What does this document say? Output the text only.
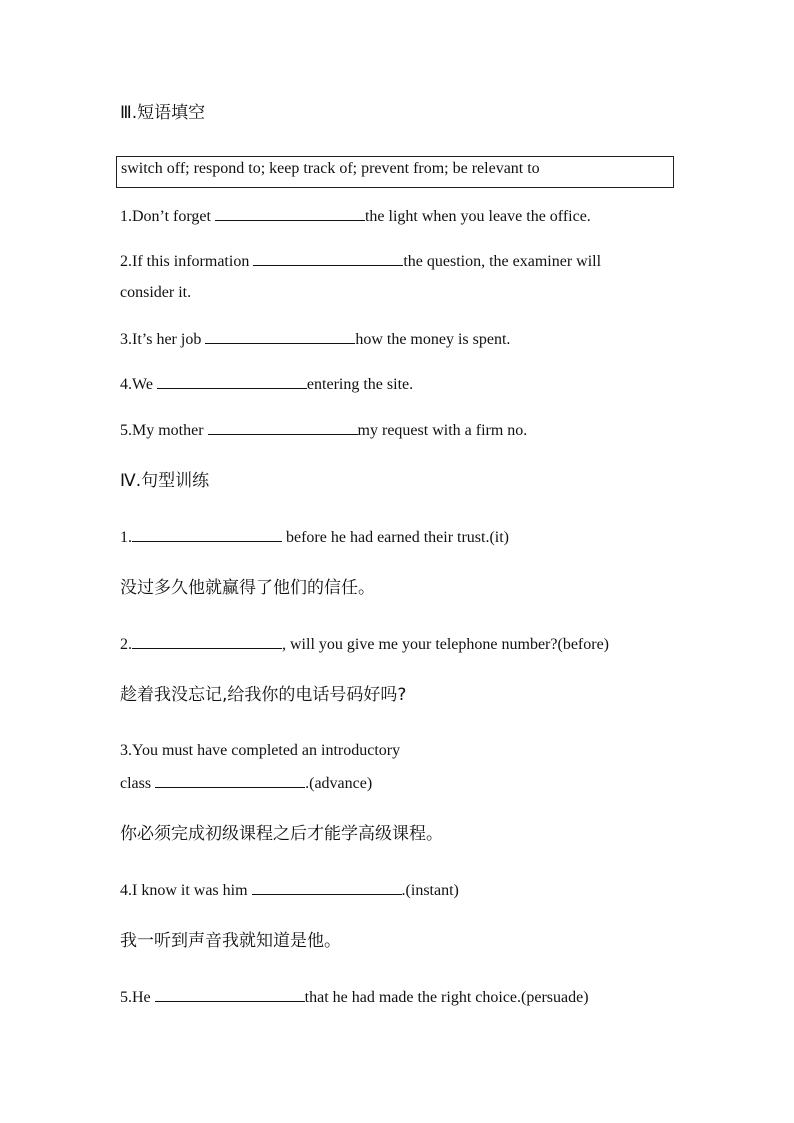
Ⅲ.短语填空
switch off; respond to; keep track of; prevent from; be relevant to
1.Don’t forget	the light when you leave the office.
2.If this information	the question, the examiner will
consider it.
3.It’s her job	how the money is spent.
4.We	entering the site.
5.My mother	my request with a firm no.
Ⅳ.句型训练
1.	before he had earned their trust.(it)
没过多久他就赢得了他们的信任。
2.	, will you give me your telephone number?(before)
趁着我没忘记,给我你的电话号码好吗?
3.You must have completed an introductory
class	.(advance)
你必须完成初级课程之后才能学高级课程。
4.I know it was him	.(instant)
我一听到声音我就知道是他。
5.He	that he had made the right choice.(persuade)
